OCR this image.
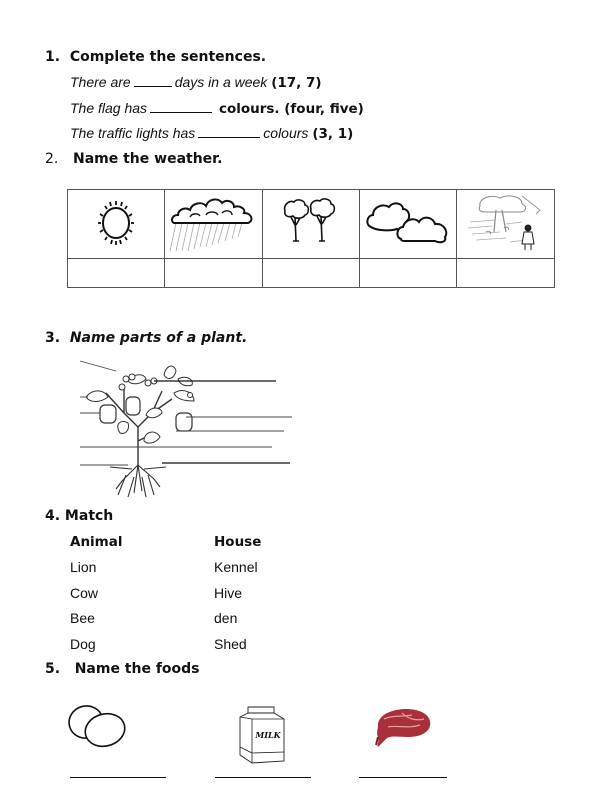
1. Complete the sentences.
There are	days in a week (17, 7)
The flag has	colours. (four, five)
The traffic lights has	colours (3, 1)
2. Name the weather.

3. Name parts of a plant.
4. Match
Animal	House
Lion	Kennel
Cow	Hive
Bee	den
Dog	Shed
5. Name the foods
MILK
